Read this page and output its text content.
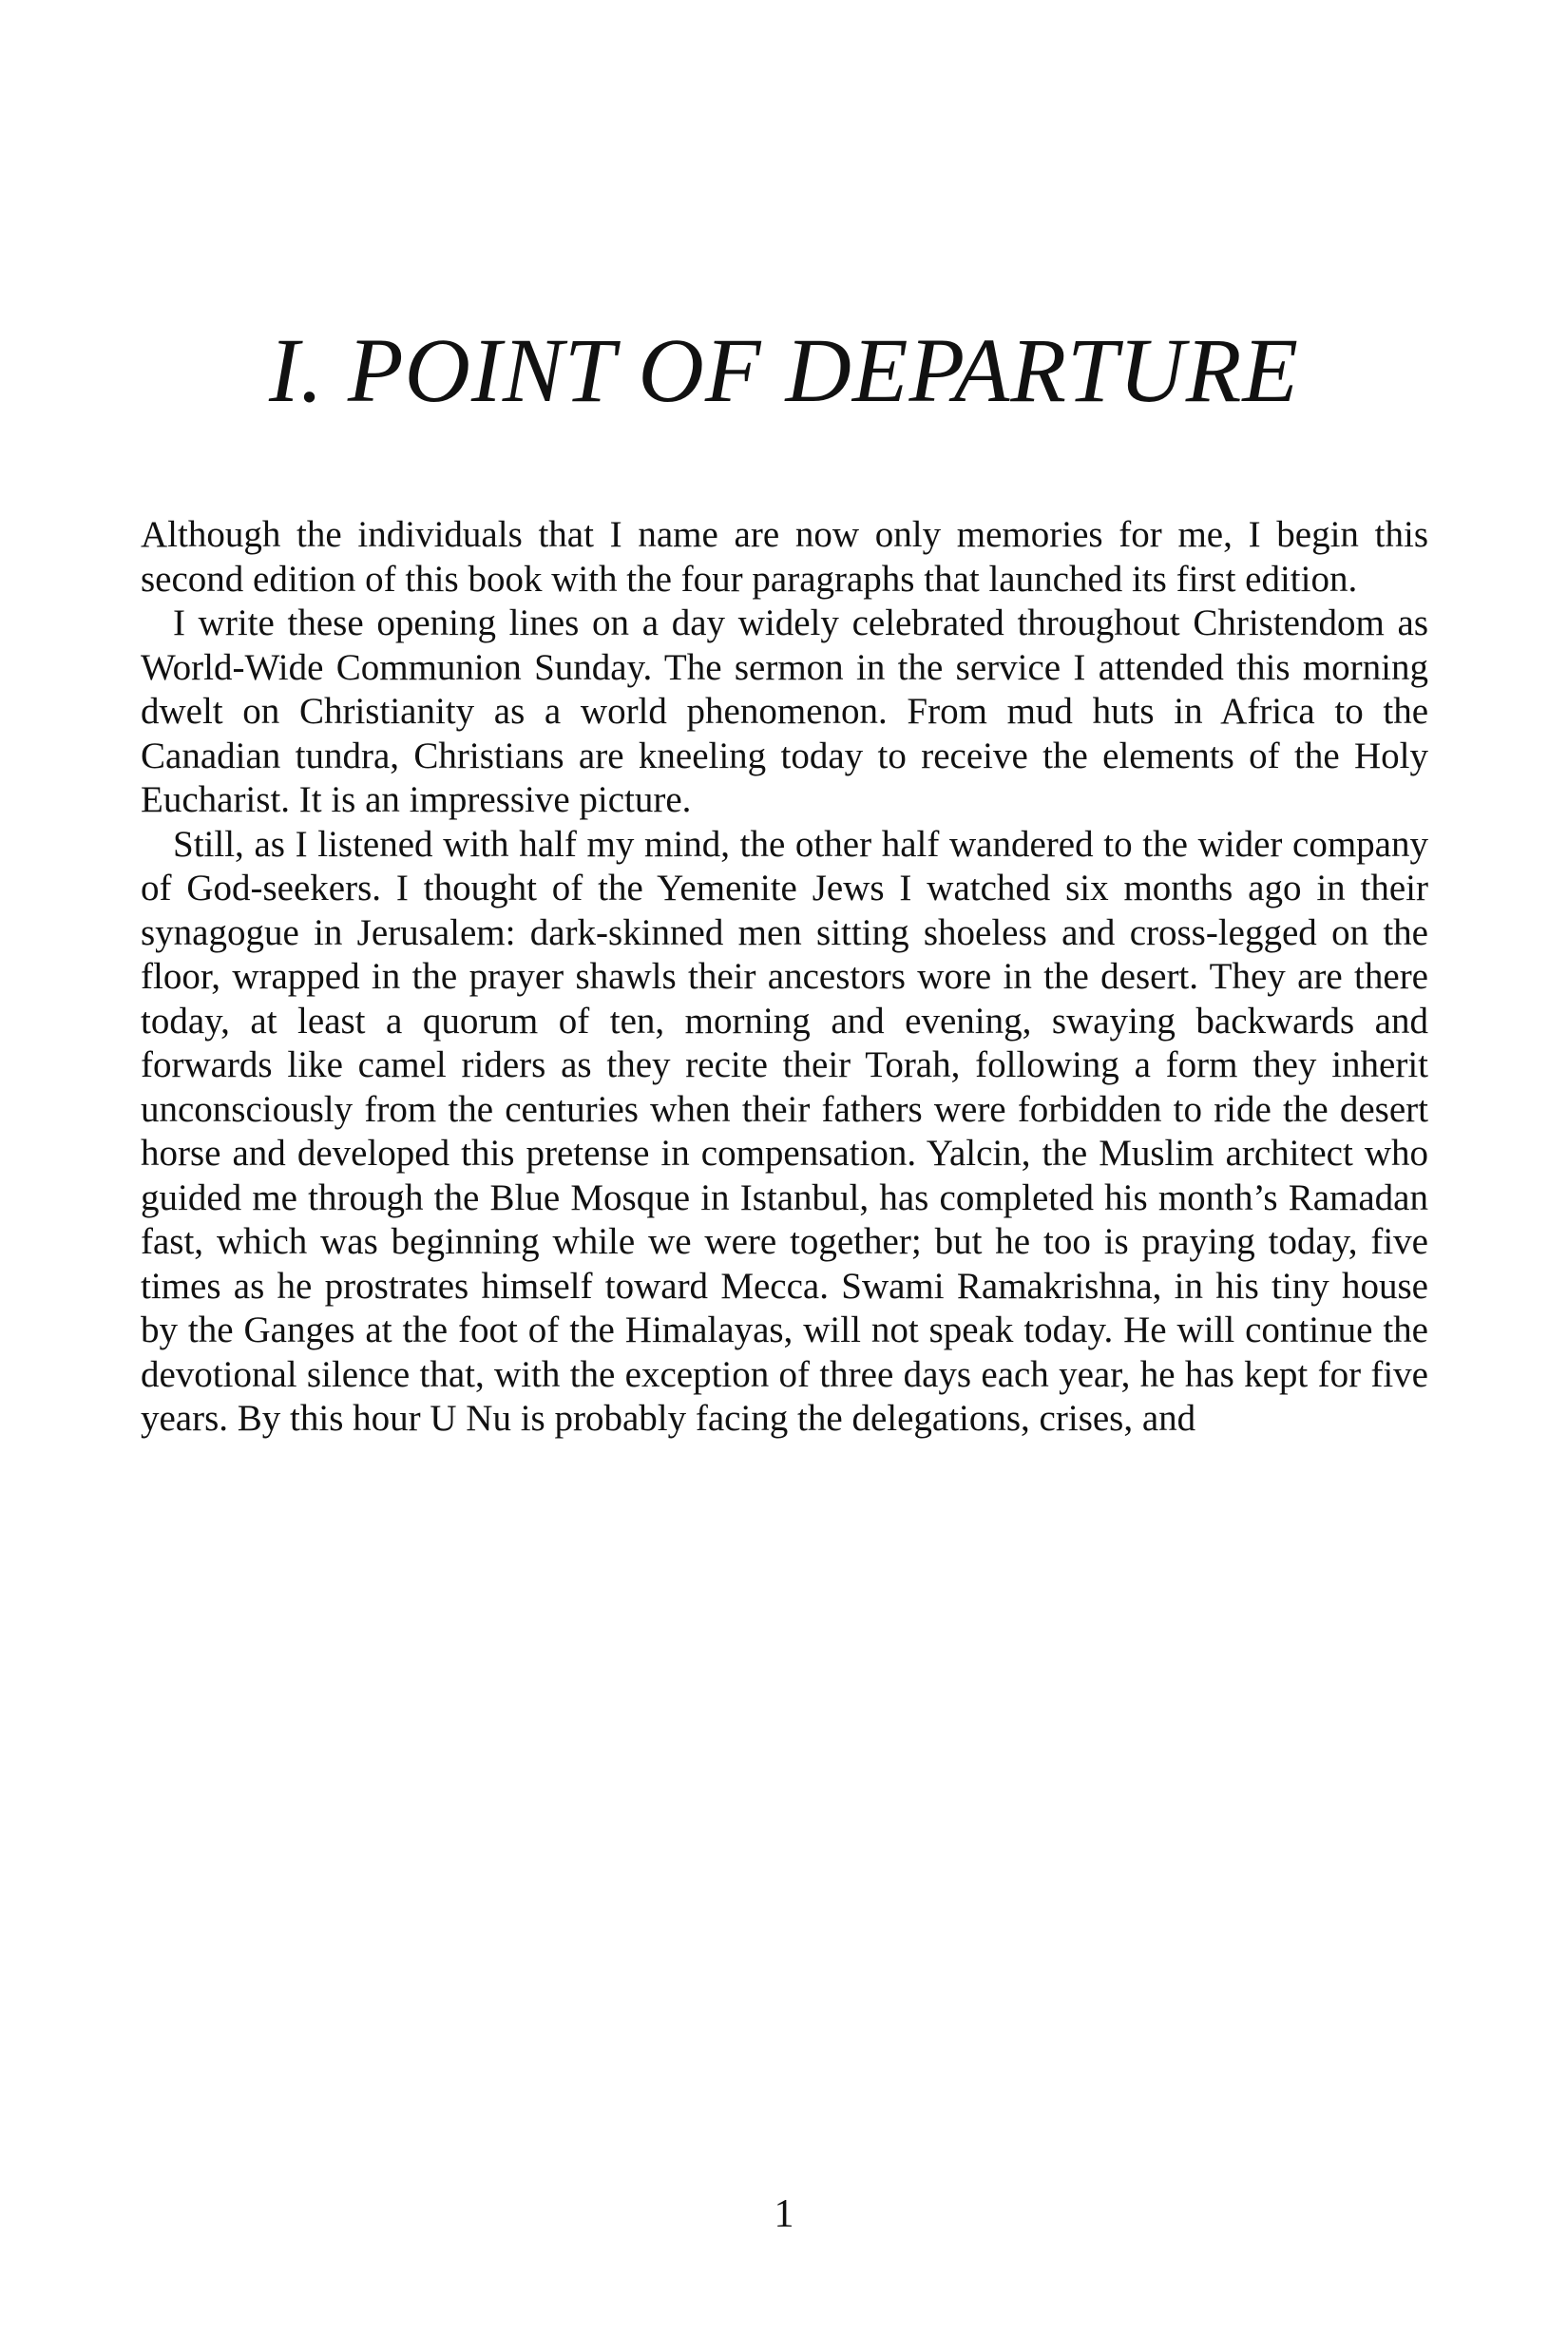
I. POINT OF DEPARTURE

Although the individuals that I name are now only memories for me, I begin this second edition of this book with the four paragraphs that launched its first edition.

I write these opening lines on a day widely celebrated throughout Christendom as World-Wide Communion Sunday. The sermon in the service I attended this morning dwelt on Christianity as a world phenomenon. From mud huts in Africa to the Canadian tundra, Christians are kneeling today to receive the elements of the Holy Eucharist. It is an impressive picture.

Still, as I listened with half my mind, the other half wandered to the wider company of God-seekers. I thought of the Yemenite Jews I watched six months ago in their synagogue in Jerusalem: dark-skinned men sitting shoeless and cross-legged on the floor, wrapped in the prayer shawls their ancestors wore in the desert. They are there today, at least a quorum of ten, morning and evening, swaying backwards and forwards like camel riders as they recite their Torah, following a form they inherit unconsciously from the centuries when their fathers were forbidden to ride the desert horse and developed this pretense in compensation. Yalcin, the Muslim architect who guided me through the Blue Mosque in Istanbul, has completed his month’s Ramadan fast, which was beginning while we were together; but he too is praying today, five times as he prostrates himself toward Mecca. Swami Ramakrishna, in his tiny house by the Ganges at the foot of the Himalayas, will not speak today. He will continue the devotional silence that, with the exception of three days each year, he has kept for five years. By this hour U Nu is probably facing the delegations, crises, and

1
